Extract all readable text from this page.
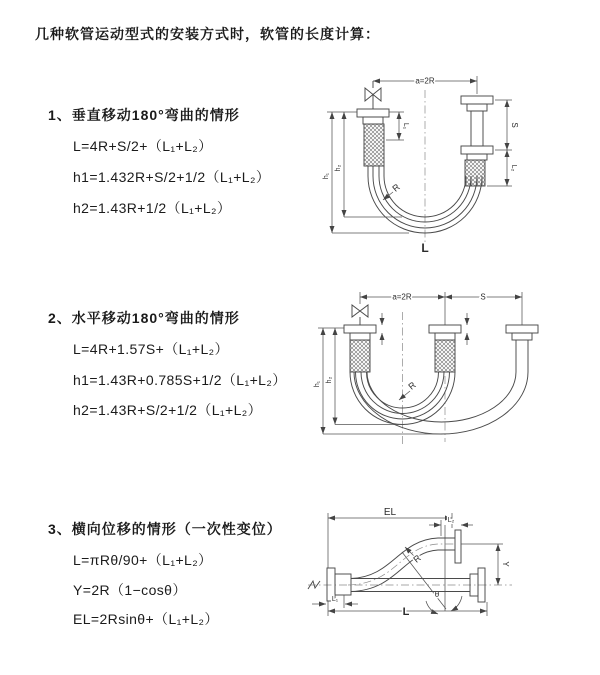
几种软管运动型式的安装方式时，软管的长度计算：
1、垂直移动180°弯曲的情形
L=4R+S/2+（L₁+L₂）
h1=1.432R+S/2+1/2（L₁+L₂）
h2=1.43R+1/2（L₁+L₂）
2、水平移动180°弯曲的情形
L=4R+1.57S+（L₁+L₂）
h1=1.43R+0.785S+1/2（L₁+L₂）
h2=1.43R+S/2+1/2（L₁+L₂）
3、横向位移的情形（一次性变位）
L=πRθ/90+（L₁+L₂）
Y=2R（1−cosθ）
EL=2Rsinθ+（L₁+L₂）
a=2R
S
L₂
h₁
h₂
L₁
R
L
a=2R	S
h₁
h₂	R
EL
θ
L₂
R	Y
L₁
L
